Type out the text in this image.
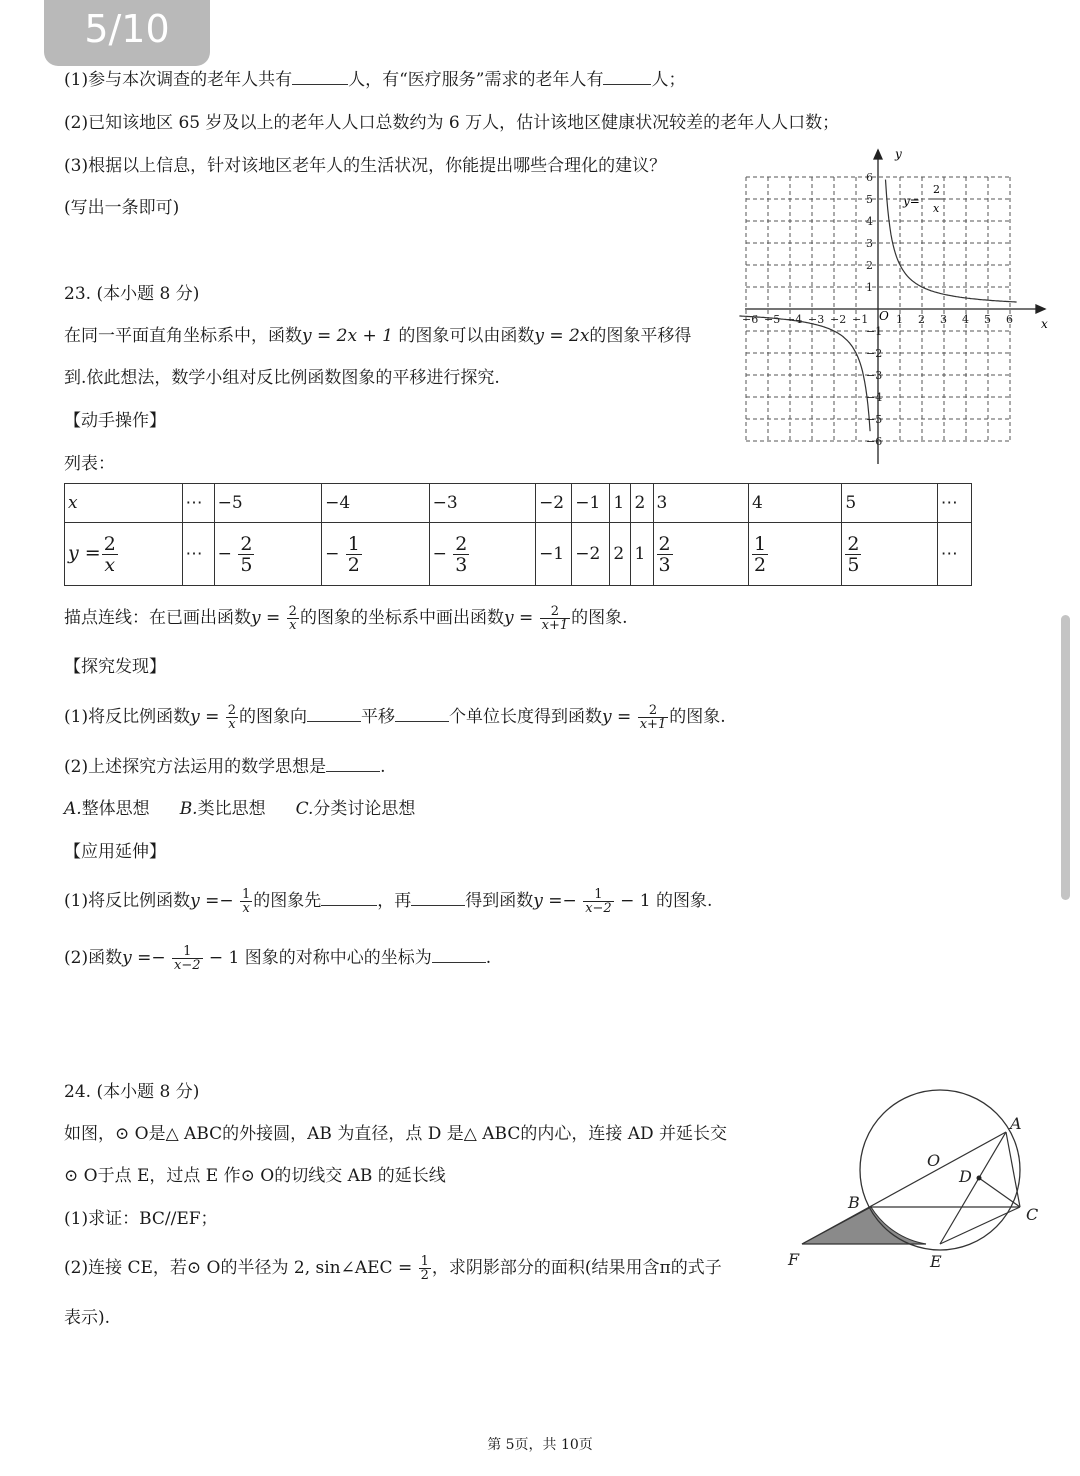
5/10
(1)参与本次调查的老年人共有	人，有“医疗服务”需求的老年人有	人；
(2)已知该地区 65 岁及以上的老年人人口总数约为 6 万人，估计该地区健康状况较差的老年人人口数；
(3)根据以上信息，针对该地区老年人的生活状况，你能提出哪些合理化的建议？
(写出一条即可)
23. (本小题 8 分)
在同一平面直角坐标系中，函数y = 2x + 1 的图象可以由函数y = 2x的图象平移得
到.依此想法，数学小组对反比例函数图象的平移进行探究.
【动手操作】
列表：
−6 −5 −4 −3 −2 −1	1 2 3 4 5 6
6
5
4
3
2
1
−1
−2
−3
−4
−5
−6
y
x
O
y=
2
x
x	⋯	−5	−4	−3	−2	−1	1	2	3	4	5	⋯
$y = \frac{2}{x}$	⋯	− $\frac{2}{5}$	− $\frac{1}{2}$	− $\frac{2}{3}$	−1	−2	2	1	$\frac{2}{3}$	$\frac{1}{2}$	$\frac{2}{5}$	⋯
描点连线：在已画出函数$y = \frac{2}{x}$ 的图象的坐标系中画出函数$y = \frac{2}{x+1}$ 的图象.
【探究发现】
(1)将反比例函数$y = \frac{2}{x}$ 的图象向	平移	个单位长度得到函数$y = \frac{2}{x+1}$ 的图象.
(2)上述探究方法运用的数学思想是	.
A.整体思想 B.类比思想 C.分类讨论思想
【应用延伸】
(1)将反比例函数$y =- \frac{1}{x}$ 的图象先	，再	得到函数$y =- \frac{1}{x-2} - 1$ 的图象.
(2)函数$y =- \frac{1}{x-2} - 1$ 图象的对称中心的坐标为	.
24. (本小题 8 分)
如图，⊙ O是△ ABC的外接圆，AB 为直径，点 D 是△ ABC的内心，连接 AD 并延长交
⊙ O于点 E，过点 E 作⊙ O的切线交 AB 的延长线
(1)求证：BC//EF；
(2)连接 CE，若⊙ O的半径为 2, sin∠AEC = $\frac{1}{2}$ ，求阴影部分的面积(结果用含π的式子
表示).
A
B
C
D
E
F
O
第 5页，共 10页
